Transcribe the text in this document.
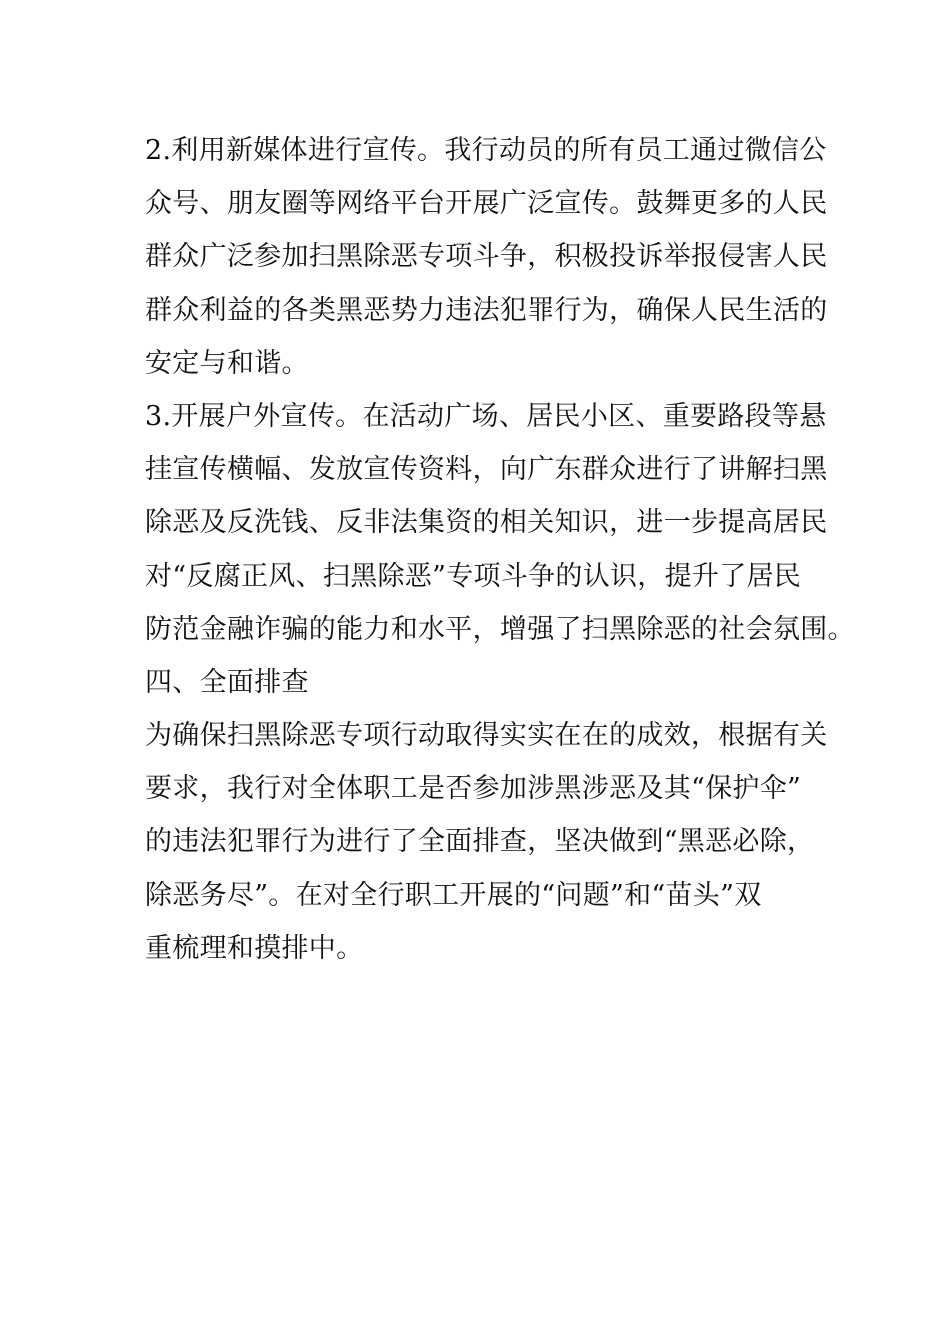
2.利用新媒体进行宣传。我行动员的所有员工通过微信公
众号、朋友圈等网络平台开展广泛宣传。鼓舞更多的人民
群众广泛参加扫黑除恶专项斗争，积极投诉举报侵害人民
群众利益的各类黑恶势力违法犯罪行为，确保人民生活的
安定与和谐。
3.开展户外宣传。在活动广场、居民小区、重要路段等悬
挂宣传横幅、发放宣传资料，向广东群众进行了讲解扫黑
除恶及反洗钱、反非法集资的相关知识，进一步提高居民
对“反腐正风、扫黑除恶”专项斗争的认识，提升了居民
防范金融诈骗的能力和水平，增强了扫黑除恶的社会氛围。
四、全面排查
为确保扫黑除恶专项行动取得实实在在的成效，根据有关
要求，我行对全体职工是否参加涉黑涉恶及其“保护伞”
的违法犯罪行为进行了全面排查，坚决做到“黑恶必除，
除恶务尽”。在对全行职工开展的“问题”和“苗头”双
重梳理和摸排中。
